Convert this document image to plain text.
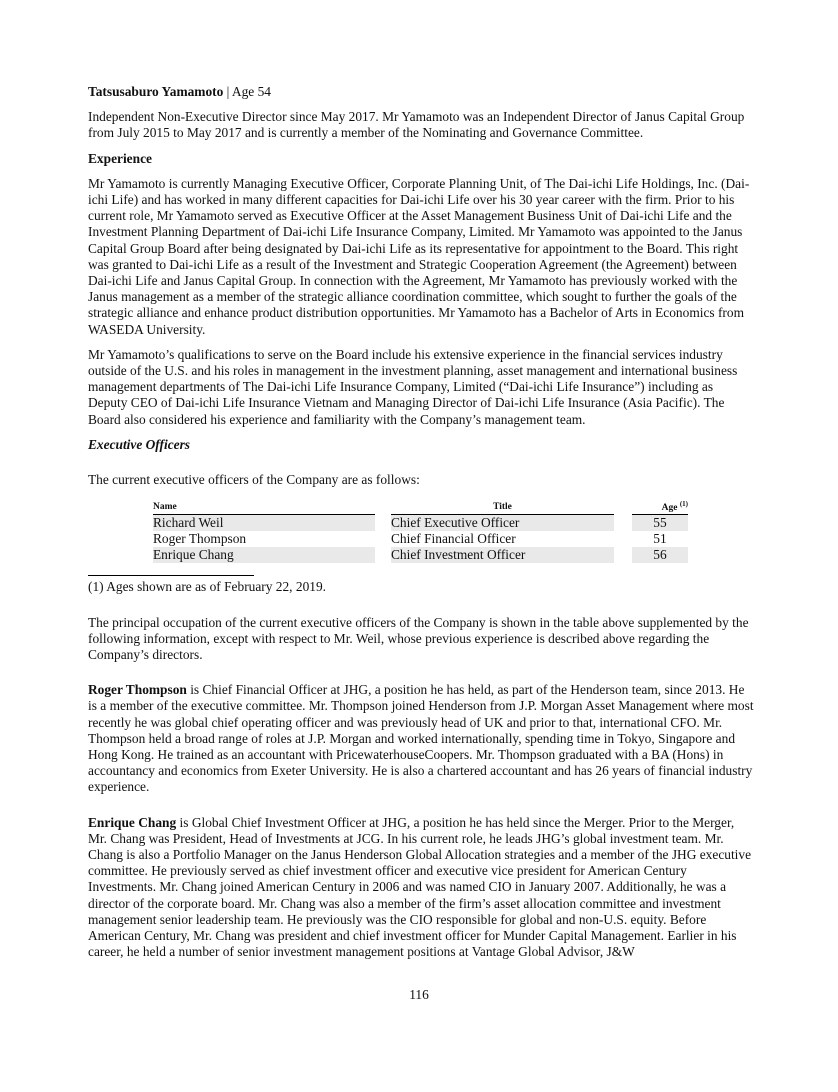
Tatsusaburo Yamamoto | Age 54

Independent Non-Executive Director since May 2017. Mr Yamamoto was an Independent Director of Janus Capital Group from July 2015 to May 2017 and is currently a member of the Nominating and Governance Committee.

Experience

Mr Yamamoto is currently Managing Executive Officer, Corporate Planning Unit, of The Dai-ichi Life Holdings, Inc. (Dai-ichi Life) and has worked in many different capacities for Dai-ichi Life over his 30 year career with the firm. Prior to his current role, Mr Yamamoto served as Executive Officer at the Asset Management Business Unit of Dai-ichi Life and the Investment Planning Department of Dai-ichi Life Insurance Company, Limited. Mr Yamamoto was appointed to the Janus Capital Group Board after being designated by Dai-ichi Life as its representative for appointment to the Board. This right was granted to Dai-ichi Life as a result of the Investment and Strategic Cooperation Agreement (the Agreement) between Dai-ichi Life and Janus Capital Group. In connection with the Agreement, Mr Yamamoto has previously worked with the Janus management as a member of the strategic alliance coordination committee, which sought to further the goals of the strategic alliance and enhance product distribution opportunities. Mr Yamamoto has a Bachelor of Arts in Economics from WASEDA University.

Mr Yamamoto’s qualifications to serve on the Board include his extensive experience in the financial services industry outside of the U.S. and his roles in management in the investment planning, asset management and international business management departments of The Dai-ichi Life Insurance Company, Limited (“Dai-ichi Life Insurance”) including as Deputy CEO of Dai-ichi Life Insurance Vietnam and Managing Director of Dai-ichi Life Insurance (Asia Pacific). The Board also considered his experience and familiarity with the Company’s management team.

Executive Officers

The current executive officers of the Company are as follows:

Name		Title		Age $^{(1)}$
Richard Weil		Chief Executive Officer		55
Roger Thompson		Chief Financial Officer		51
Enrique Chang		Chief Investment Officer		56

(1) Ages shown are as of February 22, 2019.

The principal occupation of the current executive officers of the Company is shown in the table above supplemented by the following information, except with respect to Mr. Weil, whose previous experience is described above regarding the Company’s directors.

Roger Thompson is Chief Financial Officer at JHG, a position he has held, as part of the Henderson team, since 2013. He is a member of the executive committee. Mr. Thompson joined Henderson from J.P. Morgan Asset Management where most recently he was global chief operating officer and was previously head of UK and prior to that, international CFO. Mr. Thompson held a broad range of roles at J.P. Morgan and worked internationally, spending time in Tokyo, Singapore and Hong Kong. He trained as an accountant with PricewaterhouseCoopers. Mr. Thompson graduated with a BA (Hons) in accountancy and economics from Exeter University. He is also a chartered accountant and has 26 years of financial industry experience.

Enrique Chang is Global Chief Investment Officer at JHG, a position he has held since the Merger. Prior to the Merger, Mr. Chang was President, Head of Investments at JCG. In his current role, he leads JHG’s global investment team. Mr. Chang is also a Portfolio Manager on the Janus Henderson Global Allocation strategies and a member of the JHG executive committee. He previously served as chief investment officer and executive vice president for American Century Investments. Mr. Chang joined American Century in 2006 and was named CIO in January 2007. Additionally, he was a director of the corporate board. Mr. Chang was also a member of the firm’s asset allocation committee and investment management senior leadership team. He previously was the CIO responsible for global and non-U.S. equity. Before American Century, Mr. Chang was president and chief investment officer for Munder Capital Management. Earlier in his career, he held a number of senior investment management positions at Vantage Global Advisor, J&W

116
